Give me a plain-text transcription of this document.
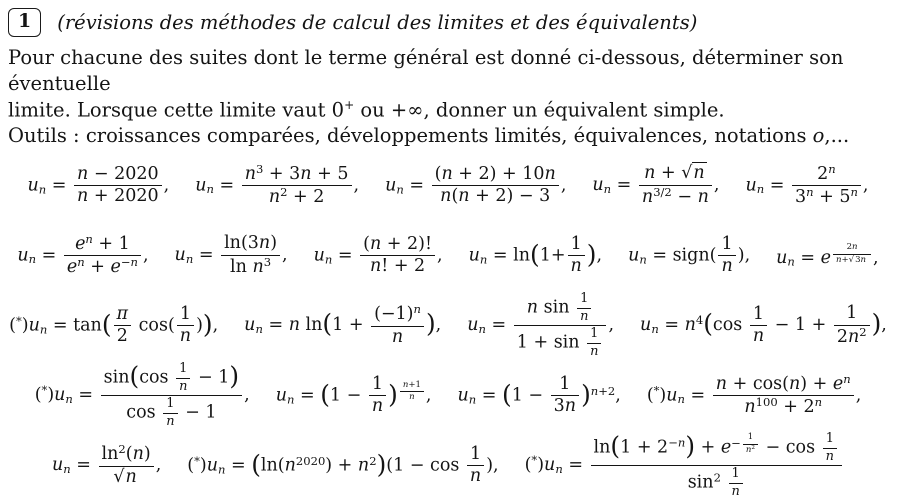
1	(révisions des méthodes de calcul des limites et des équivalents)

Pour chacune des suites dont le terme général est donné ci-dessous, déterminer son éventuelle
limite. Lorsque cette limite vaut 0+ ou +∞, donner un équivalent simple.
Outils : croissances comparées, développements limités, équivalences, notations o,...

$u_n = \frac{n - 2020}{n + 2020}$ , $u_n = \frac{n^3 + 3n + 5}{n^2 + 2}$ , $u_n = \frac{(n + 2) + 10n}{n(n + 2) - 3}$ , $u_n = \frac{n + √n}{n^{3/2} - n}$ , $u_n = \frac{2^n}{3^n + 5^n}$ ,
$u_n = \frac{e^n + 1}{e^n + e^{-n}}$ , $u_n = \frac{\ln(3n)}{\ln n^3}$ , $u_n = \frac{(n + 2)!}{n! + 2}$ , $u_n = \ln(1+ \frac{1}{n}$ ), $u_n$ = sign( $\frac{1}{n}$ ), $u_n = e$ $^{\frac{2n}{n+√3n}}$ ,
$(^*)u_n = \tan( \frac{\pi}{2} \cos( \frac{1}{n}$ )), $u_n = n$ $\ln(1 + \frac{(-1)^n}{n}$ ), $u_n = \frac{n \sin \frac{1}{n}}{1 + \sin \frac{1}{n}}$ , $u_n = n^4(\cos \frac{1}{n} - 1 + \frac{1}{2n^2}$ ),
$(^*)u_n = \frac{\sin(\cos \frac{1}{n} - 1)}{\cos \frac{1}{n} - 1}$ , $u_n = (1 - \frac{1}{n}$ ) $^{\frac{n+1}{n}}$ , $u_n = (1 - \frac{1}{3n} )^{n+2}$, $(^*)u_n = \frac{n + \cos(n) + e^n}{n^{100} + 2^n}$ ,
$u_n = \frac{\ln^2(n)}{√n}$ , $(^*)u_n = (\ln(n^{2020}) + n^2)(1 - \cos \frac{1}{n}$ ), $(^*)u_n = \ln(1 + 2^{-n}) + e^{- \frac{1}{n^2}} - \cos \frac{1}{n}$
$\sin^2 \frac{1}{n}$
